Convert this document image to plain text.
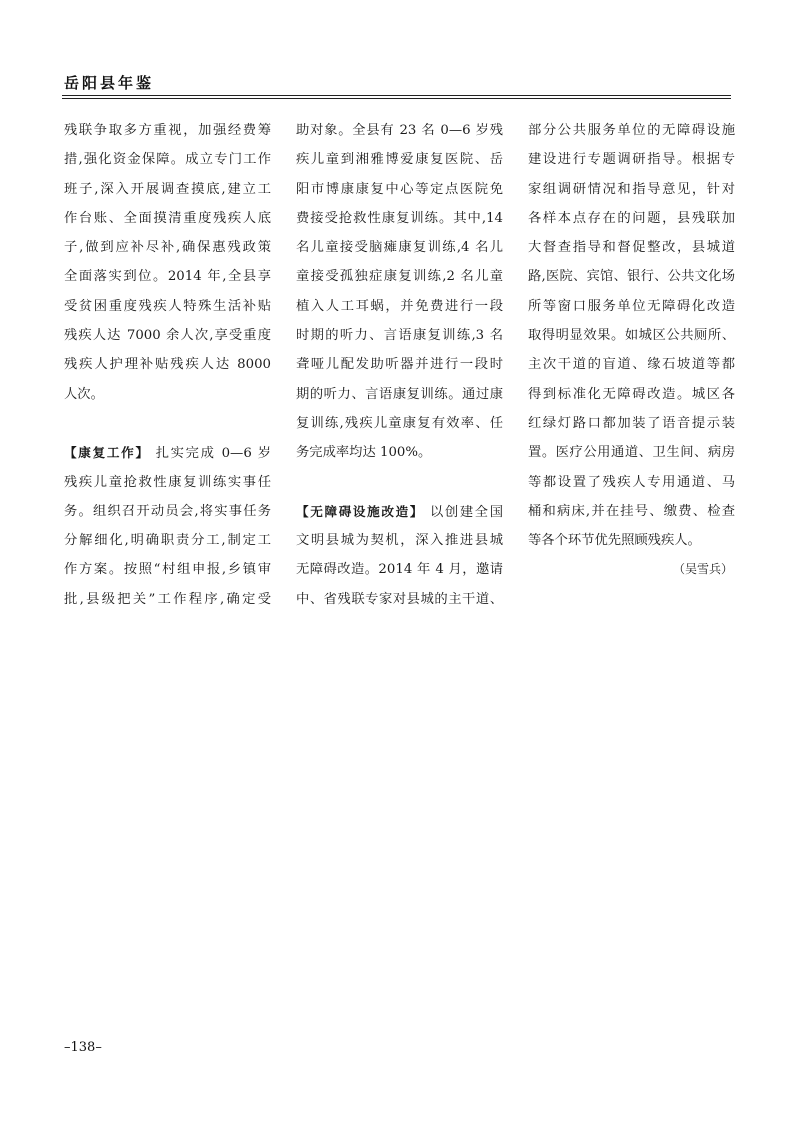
岳阳县年鉴
残联争取多方重视，加强经费筹
措,强化资金保障。成立专门工作
班子,深入开展调查摸底,建立工
作台账、全面摸清重度残疾人底
子,做到应补尽补,确保惠残政策
全面落实到位。2014 年,全县享
受贫困重度残疾人特殊生活补贴
残疾人达 7000 余人次,享受重度
残疾人护理补贴残疾人达 8000
人次。
【康复工作】 扎实完成 0—6 岁
残疾儿童抢救性康复训练实事任
务。组织召开动员会,将实事任务
分解细化,明确职责分工,制定工
作方案。按照“村组申报,乡镇审
批,县级把关”工作程序,确定受
助对象。全县有 23 名 0—6 岁残
疾儿童到湘雅博爱康复医院、岳
阳市博康康复中心等定点医院免
费接受抢救性康复训练。其中,14
名儿童接受脑瘫康复训练,4 名儿
童接受孤独症康复训练,2 名儿童
植入人工耳蜗，并免费进行一段
时期的听力、言语康复训练,3 名
聋哑儿配发助听器并进行一段时
期的听力、言语康复训练。通过康
复训练,残疾儿童康复有效率、任
务完成率均达 100%。
【无障碍设施改造】 以创建全国
文明县城为契机，深入推进县城
无障碍改造。2014 年 4 月，邀请
中、省残联专家对县城的主干道、
部分公共服务单位的无障碍设施
建设进行专题调研指导。根据专
家组调研情况和指导意见，针对
各样本点存在的问题，县残联加
大督查指导和督促整改，县城道
路,医院、宾馆、银行、公共文化场
所等窗口服务单位无障碍化改造
取得明显效果。如城区公共厕所、
主次干道的盲道、缘石坡道等都
得到标准化无障碍改造。城区各
红绿灯路口都加装了语音提示装
置。医疗公用通道、卫生间、病房
等都设置了残疾人专用通道、马
桶和病床,并在挂号、缴费、检查
等各个环节优先照顾残疾人。
（吴雪兵）
–138–
